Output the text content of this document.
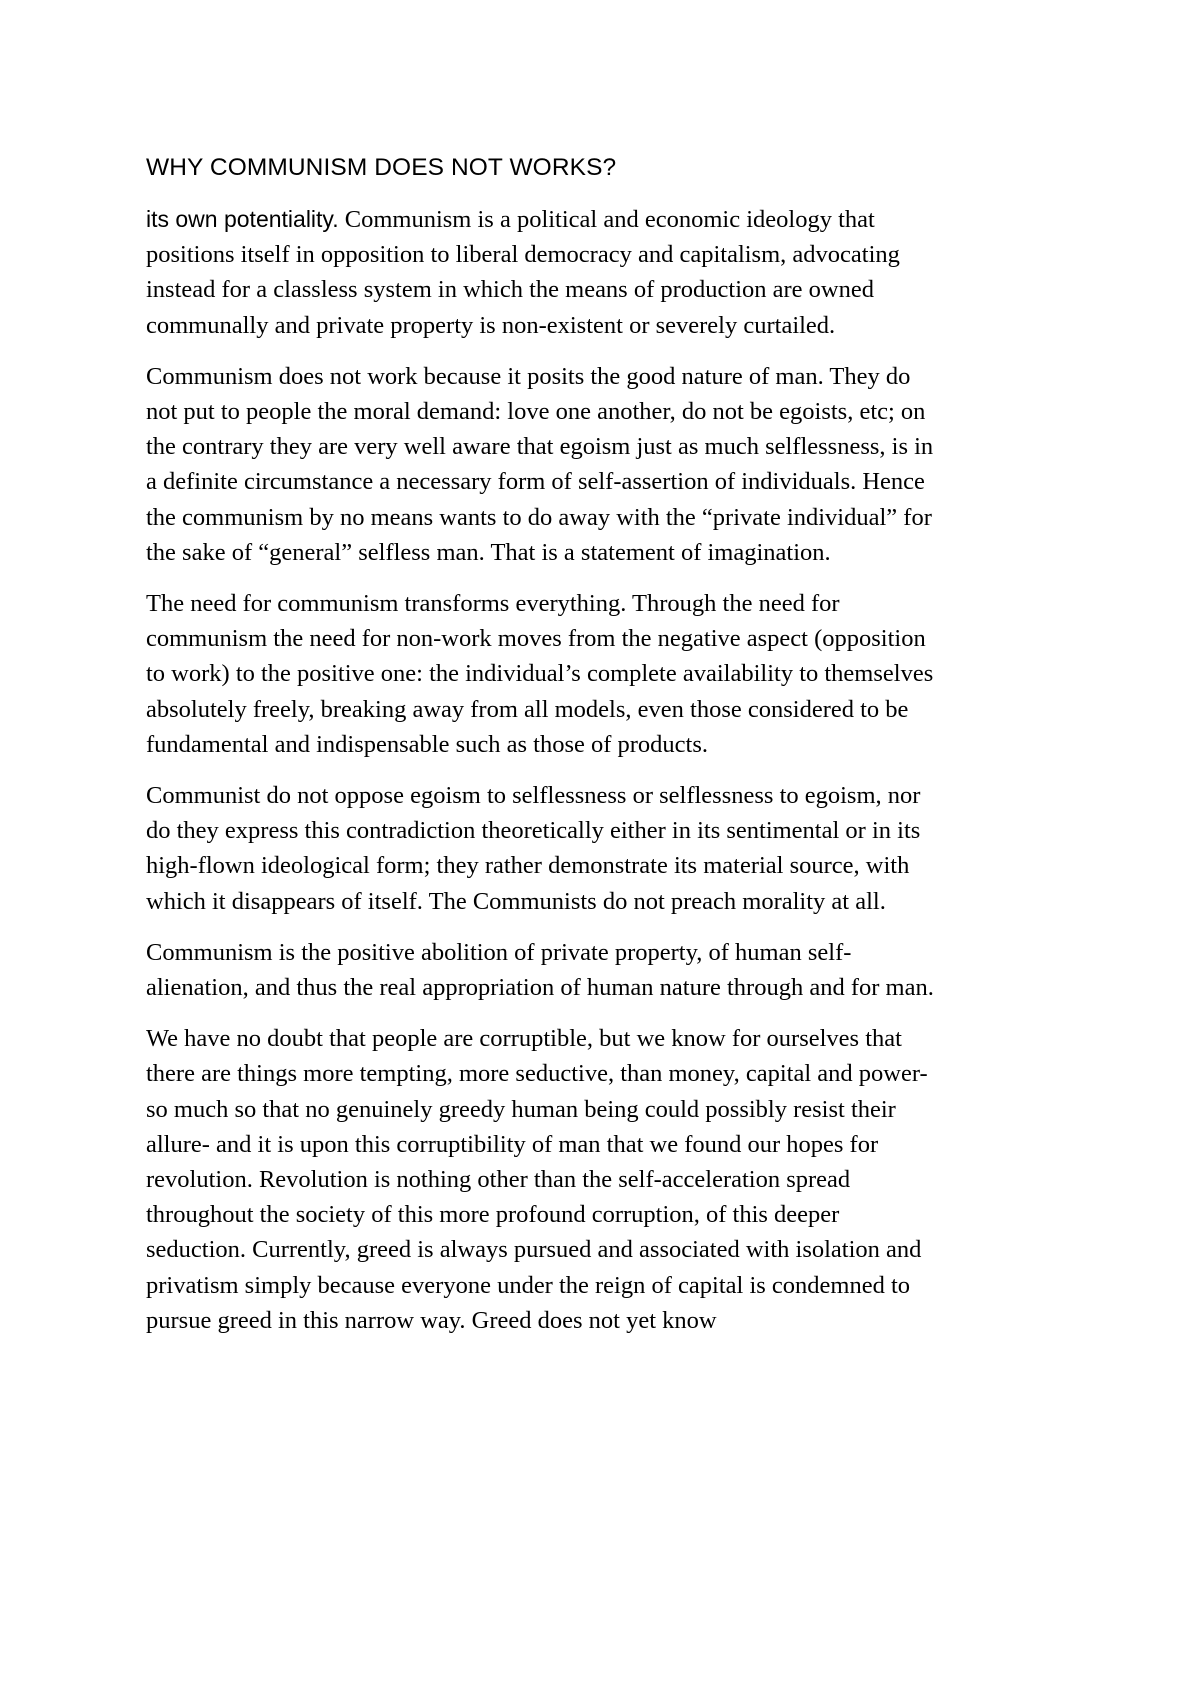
WHY COMMUNISM DOES NOT WORKS?
its own potentiality. Communism is a political and economic ideology that
positions itself in opposition to liberal democracy and capitalism, advocating
instead for a classless system in which the means of production are owned
communally and private property is non-existent or severely curtailed.
Communism does not work because it posits the good nature of man. They do
not put to people the moral demand: love one another, do not be egoists, etc; on
the contrary they are very well aware that egoism just as much selflessness, is in
a definite circumstance a necessary form of self-assertion of individuals. Hence
the communism by no means wants to do away with the “private individual” for
the sake of “general” selfless man. That is a statement of imagination.
The need for communism transforms everything. Through the need for
communism the need for non-work moves from the negative aspect (opposition
to work) to the positive one: the individual’s complete availability to themselves
absolutely freely, breaking away from all models, even those considered to be
fundamental and indispensable such as those of products.
Communist do not oppose egoism to selflessness or selflessness to egoism, nor
do they express this contradiction theoretically either in its sentimental or in its
high-flown ideological form; they rather demonstrate its material source, with
which it disappears of itself. The Communists do not preach morality at all.
Communism is the positive abolition of private property, of human self-
alienation, and thus the real appropriation of human nature through and for man.
We have no doubt that people are corruptible, but we know for ourselves that
there are things more tempting, more seductive, than money, capital and power-
so much so that no genuinely greedy human being could possibly resist their
allure- and it is upon this corruptibility of man that we found our hopes for
revolution. Revolution is nothing other than the self-acceleration spread
throughout the society of this more profound corruption, of this deeper
seduction. Currently, greed is always pursued and associated with isolation and
privatism simply because everyone under the reign of capital is condemned to
pursue greed in this narrow way. Greed does not yet know
